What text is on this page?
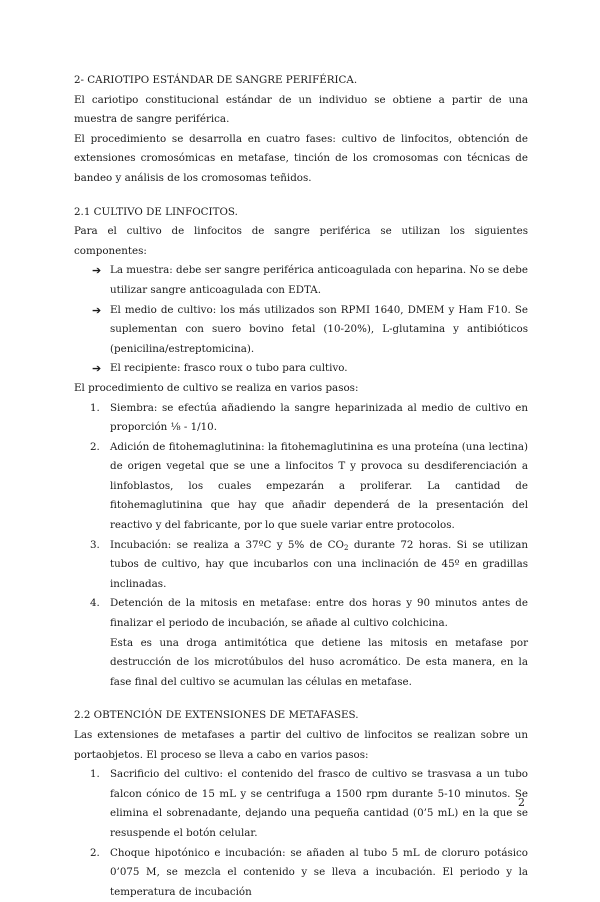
2- CARIOTIPO ESTÁNDAR DE SANGRE PERIFÉRICA.

El cariotipo constitucional estándar de un individuo se obtiene a partir de una muestra de sangre periférica.

El procedimiento se desarrolla en cuatro fases: cultivo de linfocitos, obtención de extensiones cromosómicas en metafase, tinción de los cromosomas con técnicas de bandeo y análisis de los cromosomas teñidos.

2.1 CULTIVO DE LINFOCITOS.

Para el cultivo de linfocitos de sangre periférica se utilizan los siguientes componentes:

➔ La muestra: debe ser sangre periférica anticoagulada con heparina. No se debe utilizar sangre anticoagulada con EDTA.
➔ El medio de cultivo: los más utilizados son RPMI 1640, DMEM y Ham F10. Se suplementan con suero bovino fetal (10-20%), L-glutamina y antibióticos (penicilina/estreptomicina).
➔ El recipiente: frasco roux o tubo para cultivo.

El procedimiento de cultivo se realiza en varios pasos:

1. Siembra: se efectúa añadiendo la sangre heparinizada al medio de cultivo en proporción ⅛ - 1/10.
2. Adición de fitohemaglutinina: la fitohemaglutinina es una proteína (una lectina) de origen vegetal que se une a linfocitos T y provoca su desdiferenciación a linfoblastos, los cuales empezarán a proliferar. La cantidad de fitohemaglutinina que hay que añadir dependerá de la presentación del reactivo y del fabricante, por lo que suele variar entre protocolos.
3. Incubación: se realiza a 37ºC y 5% de $CO_2$ durante 72 horas. Si se utilizan tubos de cultivo, hay que incubarlos con una inclinación de 45º en gradillas inclinadas.
4. Detención de la mitosis en metafase: entre dos horas y 90 minutos antes de finalizar el periodo de incubación, se añade al cultivo colchicina.

Esta es una droga antimitótica que detiene las mitosis en metafase por destrucción de los microtúbulos del huso acromático. De esta manera, en la fase final del cultivo se acumulan las células en metafase.

2.2 OBTENCIÓN DE EXTENSIONES DE METAFASES.

Las extensiones de metafases a partir del cultivo de linfocitos se realizan sobre un portaobjetos. El proceso se lleva a cabo en varios pasos:

1. Sacrificio del cultivo: el contenido del frasco de cultivo se trasvasa a un tubo falcon cónico de 15 mL y se centrifuga a 1500 rpm durante 5-10 minutos. Se elimina el sobrenadante, dejando una pequeña cantidad (0’5 mL) en la que se resuspende el botón celular.
2. Choque hipotónico e incubación: se añaden al tubo 5 mL de cloruro potásico 0’075 M, se mezcla el contenido y se lleva a incubación. El periodo y la temperatura de incubación
2
